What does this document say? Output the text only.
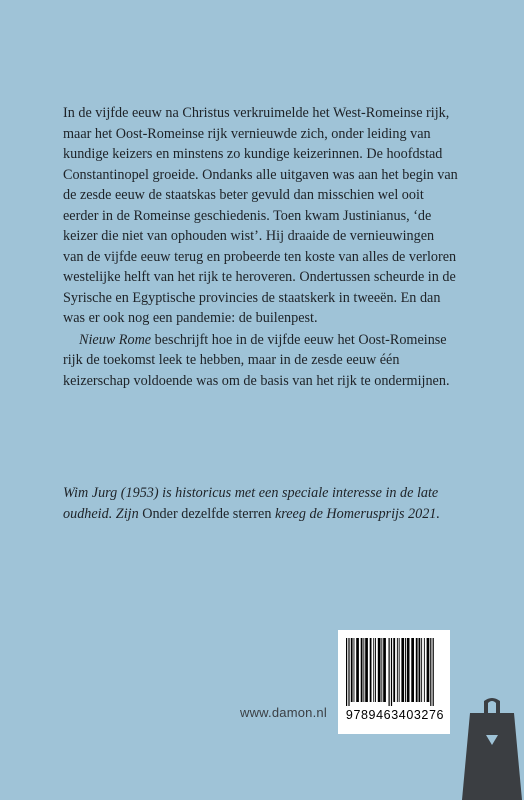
In de vijfde eeuw na Christus verkruimelde het West-Romeinse rijk, maar het Oost-Romeinse rijk vernieuwde zich, onder leiding van kundige keizers en minstens zo kundige keizerinnen. De hoofdstad Constantinopel groeide. Ondanks alle uitgaven was aan het begin van de zesde eeuw de staatskas beter gevuld dan misschien wel ooit eerder in de Romeinse geschiedenis. Toen kwam Justinianus, ‘de keizer die niet van ophouden wist’. Hij draaide de vernieuwingen van de vijfde eeuw terug en probeerde ten koste van alles de verloren westelijke helft van het rijk te heroveren. Ondertussen scheurde in de Syrische en Egyptische provincies de staatskerk in tweeën. En dan was er ook nog een pandemie: de builenpest.

Nieuw Rome beschrijft hoe in de vijfde eeuw het Oost-Romeinse rijk de toekomst leek te hebben, maar in de zesde eeuw één keizerschap voldoende was om de basis van het rijk te ondermijnen.

Wim Jurg (1953) is historicus met een speciale interesse in de late oudheid. Zijn Onder dezelfde sterren kreeg de Homerusprijs 2021.
www.damon.nl	9789463403276
